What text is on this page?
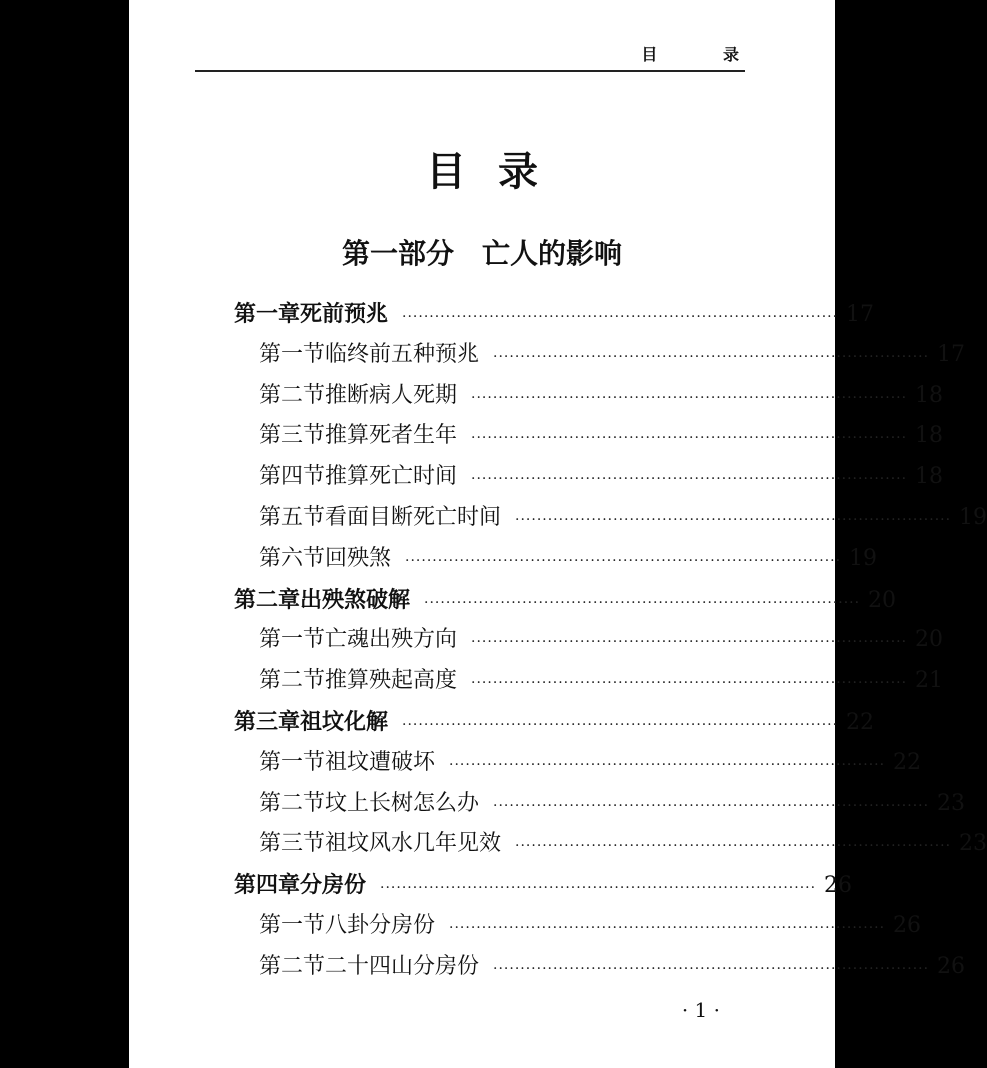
目 录
目录
第一部分　亡人的影响
第一章 死前预兆 ················································································ 17
第一节 临终前五种预兆 ················································································ 17
第二节 推断病人死期 ················································································ 18
第三节 推算死者生年 ················································································ 18
第四节 推算死亡时间 ················································································ 18
第五节 看面目断死亡时间 ················································································ 19
第六节 回殃煞 ················································································ 19
第二章 出殃煞破解 ················································································ 20
第一节 亡魂出殃方向 ················································································ 20
第二节 推算殃起高度 ················································································ 21
第三章 祖坟化解 ················································································ 22
第一节 祖坟遭破坏 ················································································ 22
第二节 坟上长树怎么办 ················································································ 23
第三节 祖坟风水几年见效 ················································································ 23
第四章 分房份 ················································································ 26
第一节 八卦分房份 ················································································ 26
第二节 二十四山分房份 ················································································ 26
· 1 ·
